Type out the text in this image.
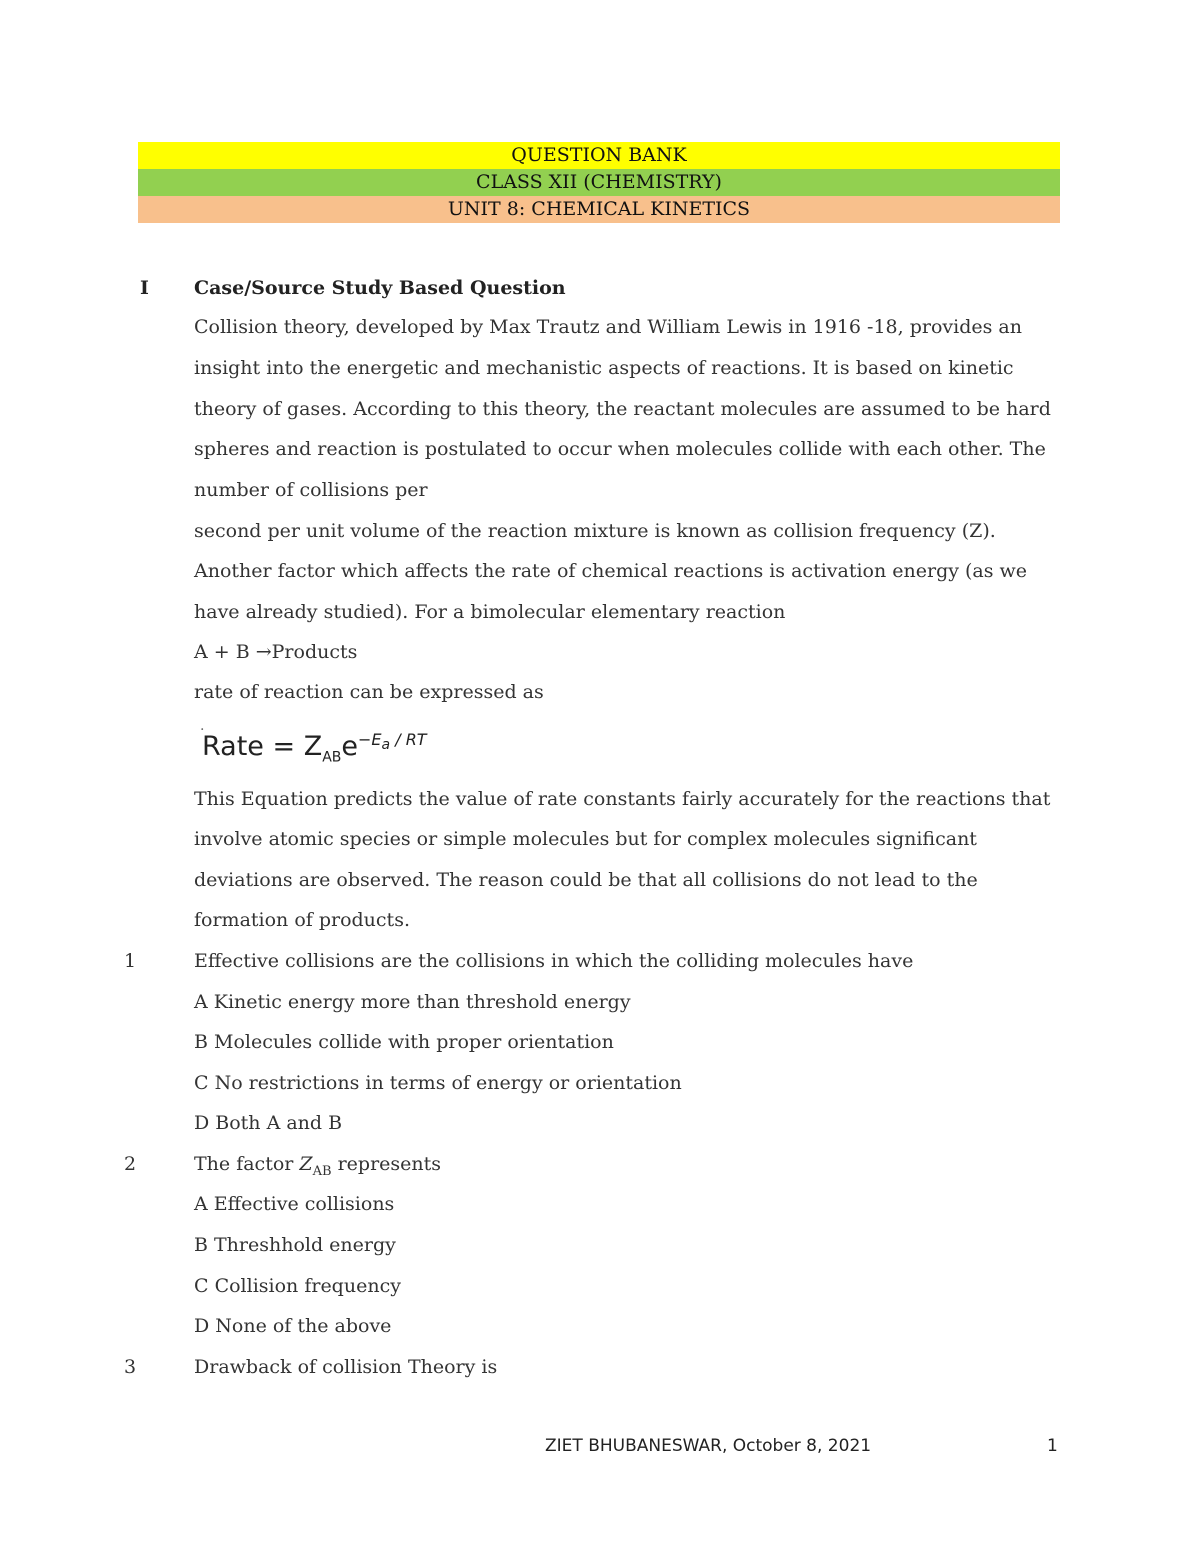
QUESTION BANK
CLASS XII (CHEMISTRY)
UNIT 8: CHEMICAL KINETICS
I Case/Source Study Based Question
Collision theory, developed by Max Trautz and William Lewis in 1916 -18, provides an
insight into the energetic and mechanistic aspects of reactions. It is based on kinetic
theory of gases. According to this theory, the reactant molecules are assumed to be hard
spheres and reaction is postulated to occur when molecules collide with each other. The
number of collisions per
second per unit volume of the reaction mixture is known as collision frequency (Z).
Another factor which affects the rate of chemical reactions is activation energy (as we
have already studied). For a bimolecular elementary reaction
A + B →Products
rate of reaction can be expressed as
.
Rate = $Z_{AB}e^{-E_a / RT}$
This Equation predicts the value of rate constants fairly accurately for the reactions that
involve atomic species or simple molecules but for complex molecules significant
deviations are observed. The reason could be that all collisions do not lead to the
formation of products.
1	Effective collisions are the collisions in which the colliding molecules have
A Kinetic energy more than threshold energy
B Molecules collide with proper orientation
C No restrictions in terms of energy or orientation
D Both A and B
2	The factor $Z_{AB}$ represents
A Effective collisions
B Threshhold energy
C Collision frequency
D None of the above
3	Drawback of collision Theory is
ZIET BHUBANESWAR, October 8, 2021	1
